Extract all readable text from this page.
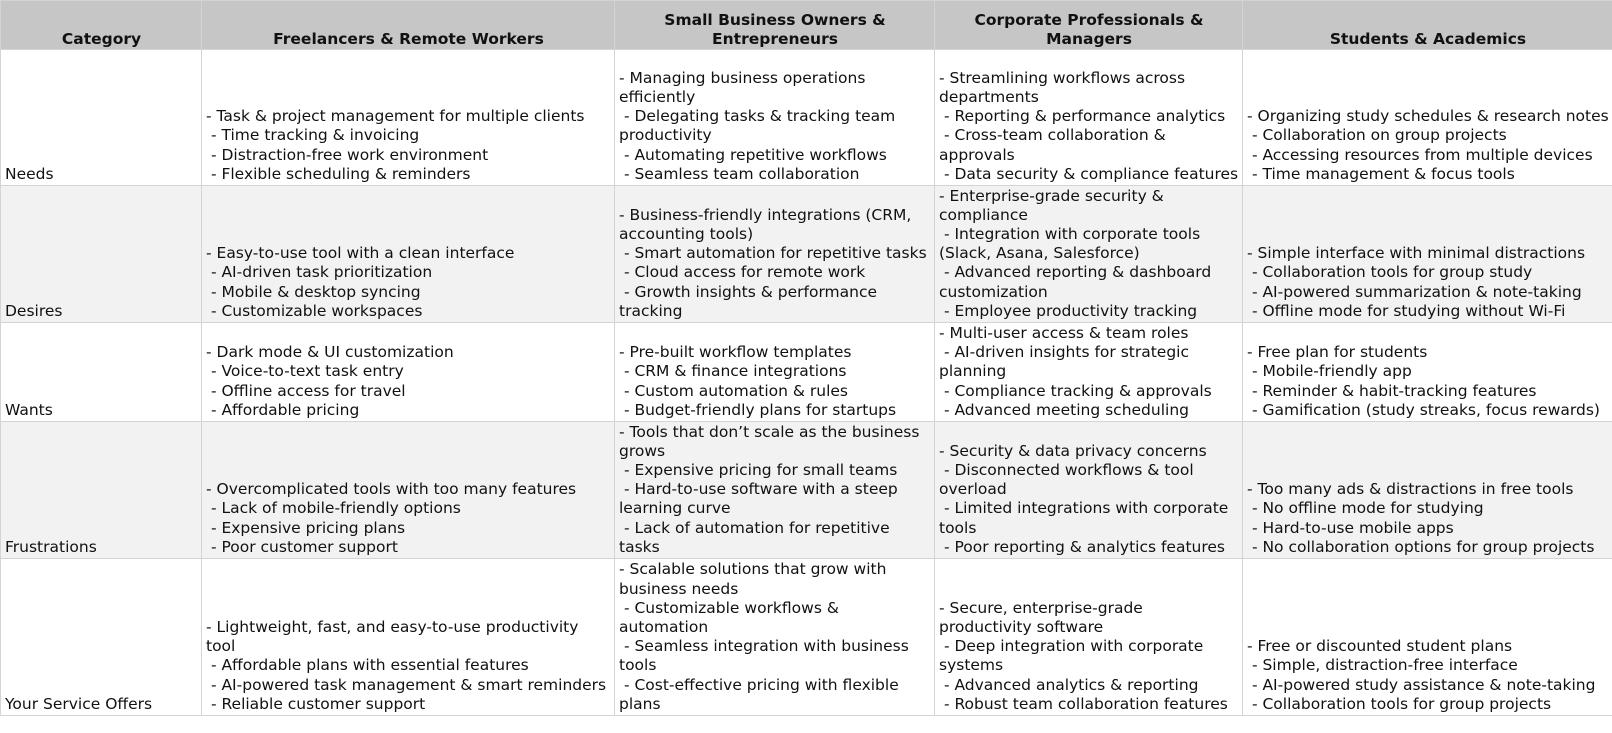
Category	Freelancers & Remote Workers	Small Business Owners & Entrepreneurs	Corporate Professionals & Managers	Students & Academics

Needs	- Task & project management for multiple clients
- Time tracking & invoicing
- Distraction-free work environment
- Flexible scheduling & reminders	- Managing business operations efficiently
- Delegating tasks & tracking team productivity
- Automating repetitive workflows
- Seamless team collaboration	- Streamlining workflows across departments
- Reporting & performance analytics
- Cross-team collaboration & approvals
- Data security & compliance features	- Organizing study schedules & research notes
- Collaboration on group projects
- Accessing resources from multiple devices
- Time management & focus tools

Desires	- Easy-to-use tool with a clean interface
- AI-driven task prioritization
- Mobile & desktop syncing
- Customizable workspaces	- Business-friendly integrations (CRM, accounting tools)
- Smart automation for repetitive tasks
- Cloud access for remote work
- Growth insights & performance tracking	- Enterprise-grade security & compliance
- Integration with corporate tools (Slack, Asana, Salesforce)
- Advanced reporting & dashboard customization
- Employee productivity tracking	- Simple interface with minimal distractions
- Collaboration tools for group study
- AI-powered summarization & note-taking
- Offline mode for studying without Wi-Fi

Wants	- Dark mode & UI customization
- Voice-to-text task entry
- Offline access for travel
- Affordable pricing	- Pre-built workflow templates
- CRM & finance integrations
- Custom automation & rules
- Budget-friendly plans for startups	- Multi-user access & team roles
- AI-driven insights for strategic planning
- Compliance tracking & approvals
- Advanced meeting scheduling	- Free plan for students
- Mobile-friendly app
- Reminder & habit-tracking features
- Gamification (study streaks, focus rewards)

Frustrations	- Overcomplicated tools with too many features
- Lack of mobile-friendly options
- Expensive pricing plans
- Poor customer support	- Tools that don’t scale as the business grows
- Expensive pricing for small teams
- Hard-to-use software with a steep learning curve
- Lack of automation for repetitive tasks	- Security & data privacy concerns
- Disconnected workflows & tool overload
- Limited integrations with corporate tools
- Poor reporting & analytics features	- Too many ads & distractions in free tools
- No offline mode for studying
- Hard-to-use mobile apps
- No collaboration options for group projects

Your Service Offers	- Lightweight, fast, and easy-to-use productivity tool
- Affordable plans with essential features
- AI-powered task management & smart reminders
- Reliable customer support	- Scalable solutions that grow with business needs
- Customizable workflows & automation
- Seamless integration with business tools
- Cost-effective pricing with flexible plans	- Secure, enterprise-grade productivity software
- Deep integration with corporate systems
- Advanced analytics & reporting
- Robust team collaboration features	- Free or discounted student plans
- Simple, distraction-free interface
- AI-powered study assistance & note-taking
- Collaboration tools for group projects
